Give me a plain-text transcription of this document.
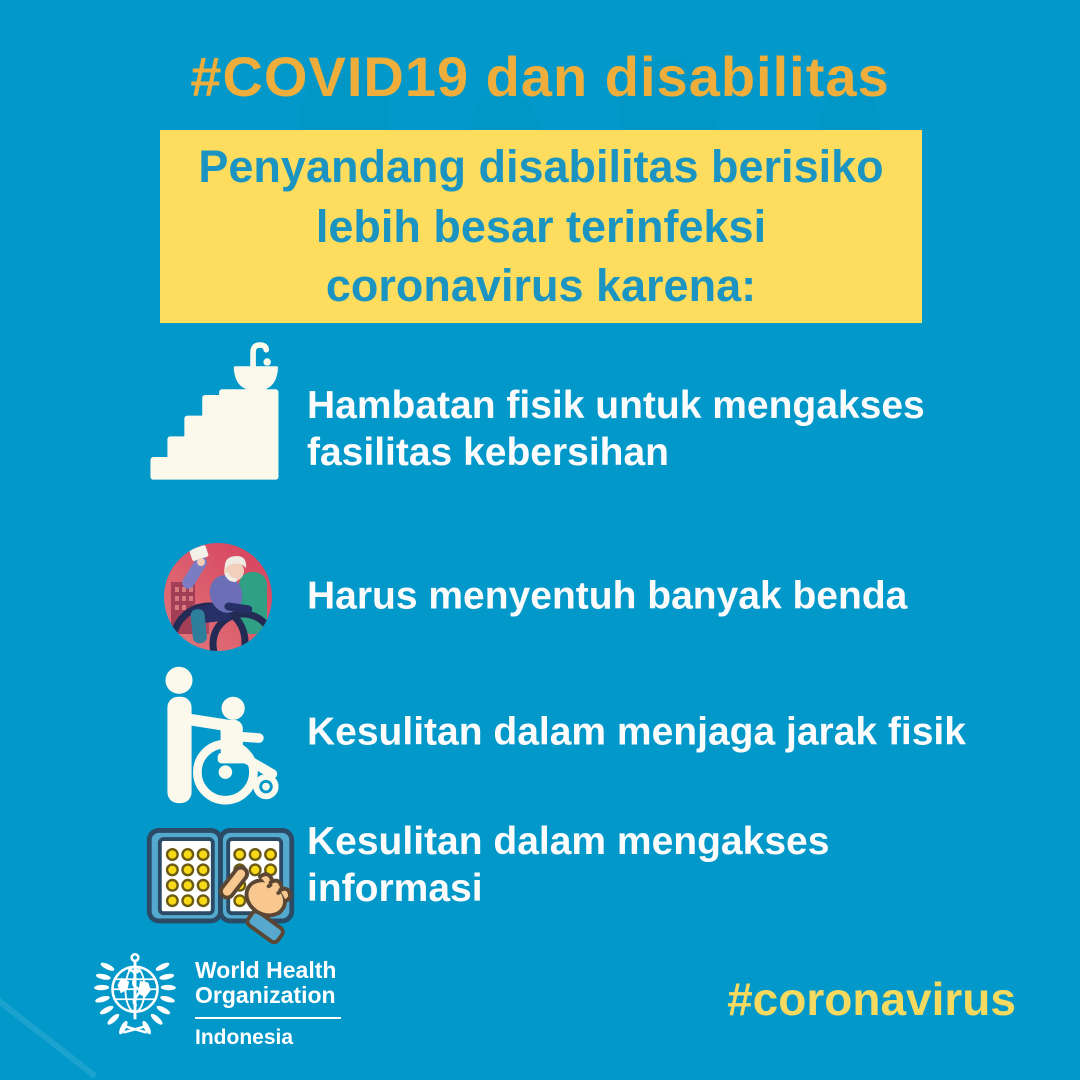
#COVID19 dan disabilitas
Penyandang disabilitas berisiko lebih besar terinfeksi coronavirus karena:
Hambatan fisik untuk mengakses fasilitas kebersihan
Harus menyentuh banyak benda
Kesulitan dalam menjaga jarak fisik
Kesulitan dalam mengakses informasi
World Health
Organization
Indonesia
#coronavirus
